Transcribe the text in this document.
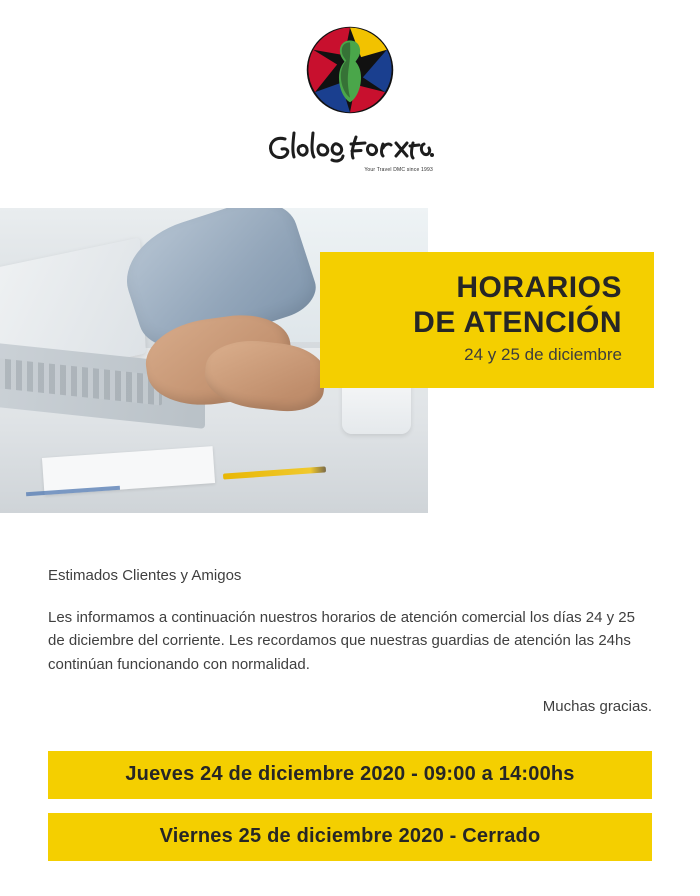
Your Travel DMC since 1993
HORARIOS
DE ATENCIÓN
24 y 25 de diciembre
Estimados Clientes y Amigos
Les informamos a continuación nuestros horarios de atención comercial los días 24 y 25 de diciembre del corriente. Les recordamos que nuestras guardias de atención las 24hs continúan funcionando con normalidad.
Muchas gracias.
Jueves 24 de diciembre 2020 - 09:00 a 14:00hs
Viernes 25 de diciembre 2020 - Cerrado
